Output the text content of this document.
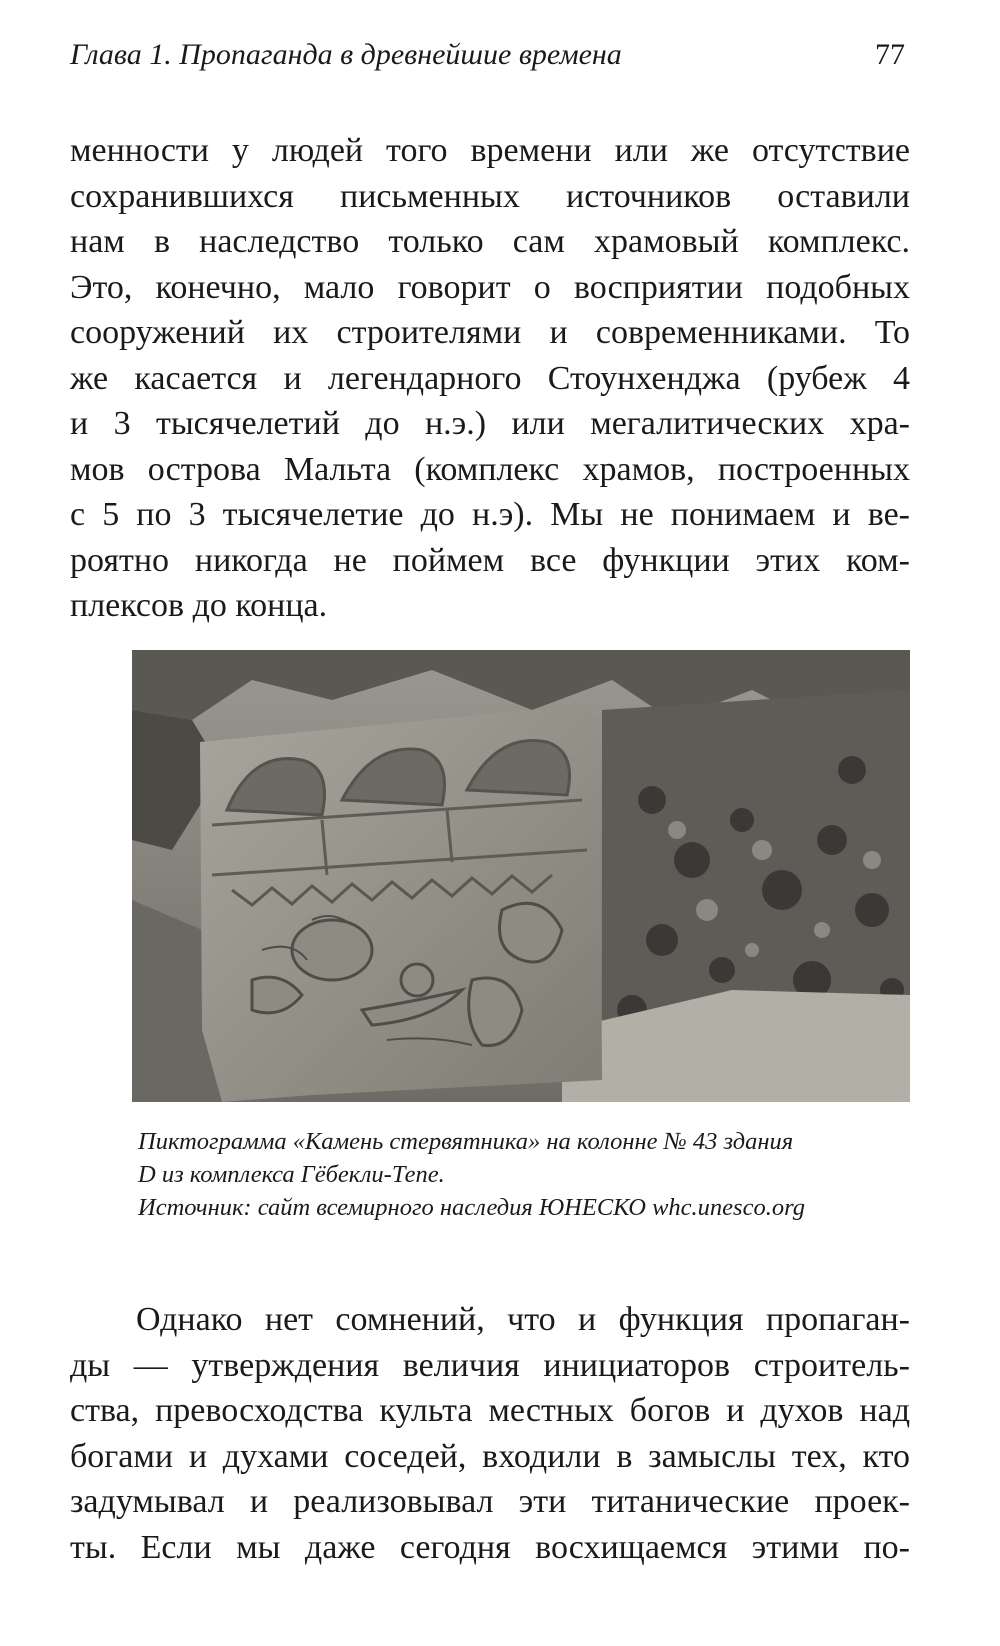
Глава 1. Пропаганда в древнейшие времена	77
менности у людей того времени или же отсутствие
сохранившихся письменных источников оставили
нам в наследство только сам храмовый комплекс.
Это, конечно, мало говорит о восприятии подобных
сооружений их строителями и современниками. То
же касается и легендарного Стоунхенджа (рубеж 4
и 3 тысячелетий до н.э.) или мегалитических хра-
мов острова Мальта (комплекс храмов, построенных
с 5 по 3 тысячелетие до н.э). Мы не понимаем и ве-
роятно никогда не поймем все функции этих ком-
плексов до конца.
Пиктограмма «Камень стервятника» на колонне № 43 здания
D из комплекса Гёбекли-Тепе.
Источник: сайт всемирного наследия ЮНЕСКО whc.unesco.org
Однако нет сомнений, что и функция пропаган-
ды — утверждения величия инициаторов строитель-
ства, превосходства культа местных богов и духов над
богами и духами соседей, входили в замыслы тех, кто
задумывал и реализовывал эти титанические проек-
ты. Если мы даже сегодня восхищаемся этими по-
